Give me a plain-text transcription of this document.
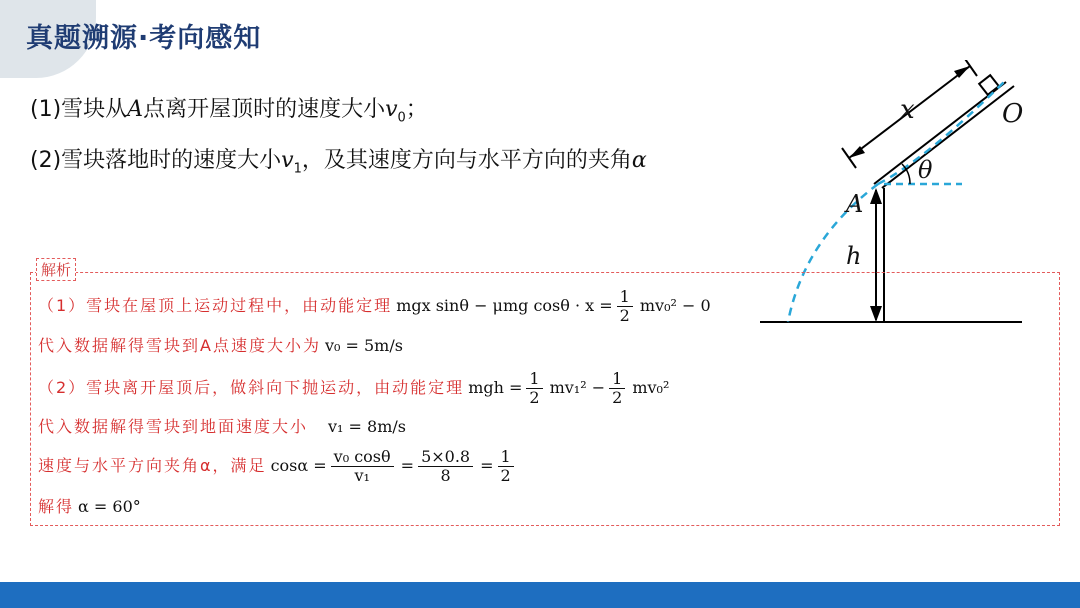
真题溯源·考向感知
(1)雪块从A点离开屋顶时的速度大小$v_0$；
(2)雪块落地时的速度大小$v_1$，及其速度方向与水平方向的夹角α
x	O
θ
A
h
解析
（1）雪块在屋顶上运动过程中，由动能定理 mgx sinθ − μmg $\cos\theta \cdot x = \frac{1}{2} mv_0^2 - 0$
代入数据解得雪块到A点速度大小为 v₀ = 5m/s
（2）雪块离开屋顶后，做斜向下抛运动，由动能定理 mgh = $\frac{1}{2} mv_1^2 - \frac{1}{2} mv_0^2$
代入数据解得雪块到地面速度大小 v₁ = 8m/s
速度与水平方向夹角α，满足 $\cos\alpha = \frac{\text{v₀ cosθ}}{\text{v₁}} = \frac{5\times 0.8}{8} = \frac{1}{2}$
解得 α = 60°
